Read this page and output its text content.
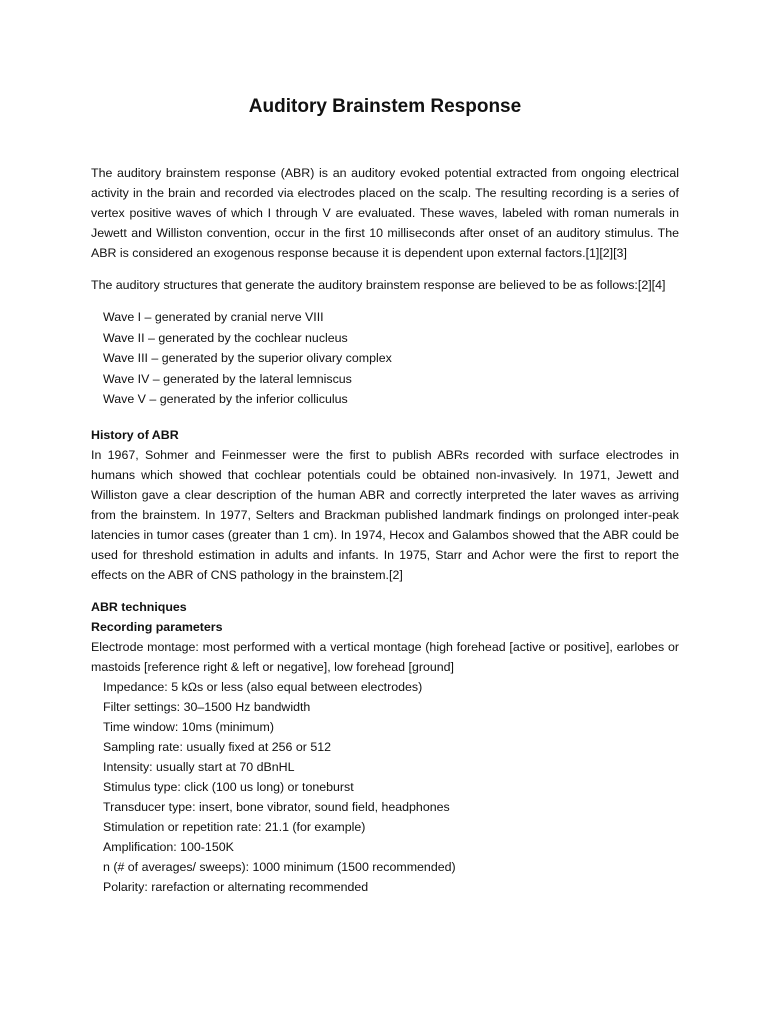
Auditory Brainstem Response

The auditory brainstem response (ABR) is an auditory evoked potential extracted from ongoing electrical activity in the brain and recorded via electrodes placed on the scalp. The resulting recording is a series of vertex positive waves of which I through V are evaluated. These waves, labeled with roman numerals in Jewett and Williston convention, occur in the first 10 milliseconds after onset of an auditory stimulus. The ABR is considered an exogenous response because it is dependent upon external factors.[1][2][3]

The auditory structures that generate the auditory brainstem response are believed to be as follows:[2][4]

Wave I – generated by cranial nerve VIII
Wave II – generated by the cochlear nucleus
Wave III – generated by the superior olivary complex
Wave IV – generated by the lateral lemniscus
Wave V – generated by the inferior colliculus
History of ABR

In 1967, Sohmer and Feinmesser were the first to publish ABRs recorded with surface electrodes in humans which showed that cochlear potentials could be obtained non-invasively. In 1971, Jewett and Williston gave a clear description of the human ABR and correctly interpreted the later waves as arriving from the brainstem. In 1977, Selters and Brackman published landmark findings on prolonged inter-peak latencies in tumor cases (greater than 1 cm). In 1974, Hecox and Galambos showed that the ABR could be used for threshold estimation in adults and infants. In 1975, Starr and Achor were the first to report the effects on the ABR of CNS pathology in the brainstem.[2]

ABR techniques
Recording parameters

Electrode montage: most performed with a vertical montage (high forehead [active or positive], earlobes or mastoids [reference right & left or negative], low forehead [ground]

Impedance: 5 kΩs or less (also equal between electrodes)
Filter settings: 30–1500 Hz bandwidth
Time window: 10ms (minimum)
Sampling rate: usually fixed at 256 or 512
Intensity: usually start at 70 dBnHL
Stimulus type: click (100 us long) or toneburst
Transducer type: insert, bone vibrator, sound field, headphones
Stimulation or repetition rate: 21.1 (for example)
Amplification: 100-150K
n (# of averages/ sweeps): 1000 minimum (1500 recommended)
Polarity: rarefaction or alternating recommended
